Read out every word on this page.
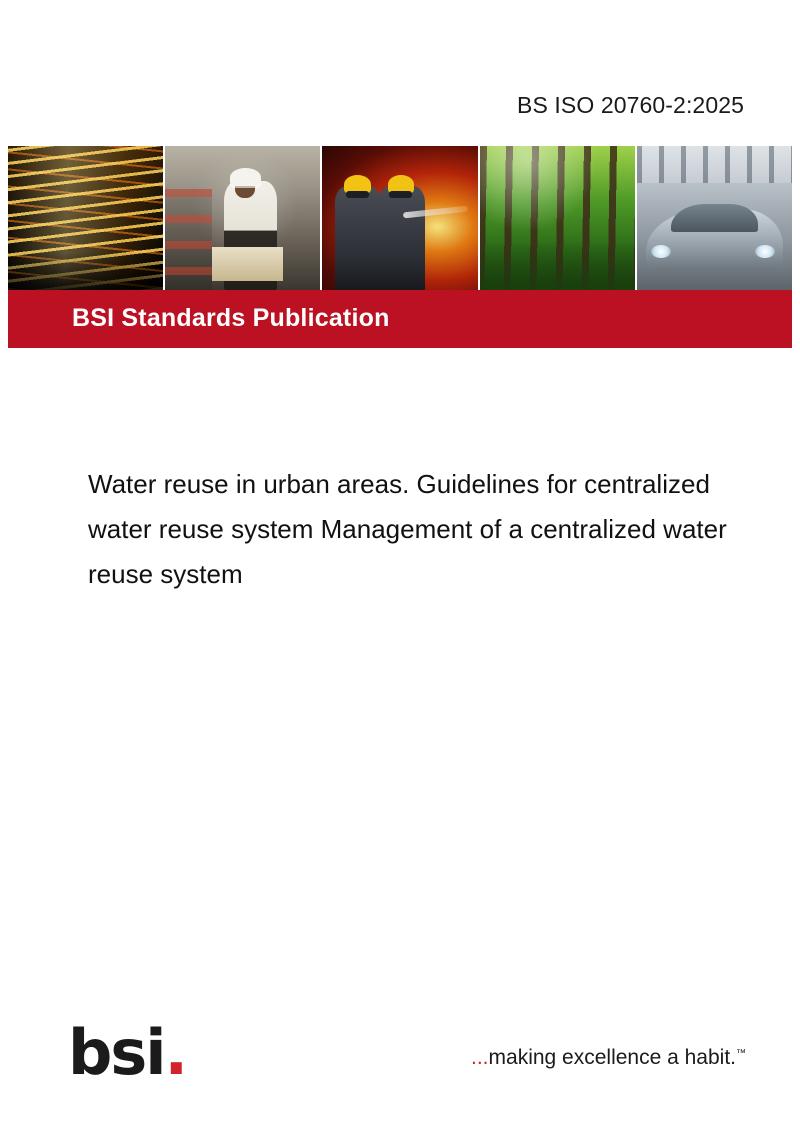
BS ISO 20760-2:2025
BSI Standards Publication
Water reuse in urban areas. Guidelines for centralized water reuse system Management of a centralized water reuse system
bsi.	...making excellence a habit.™
